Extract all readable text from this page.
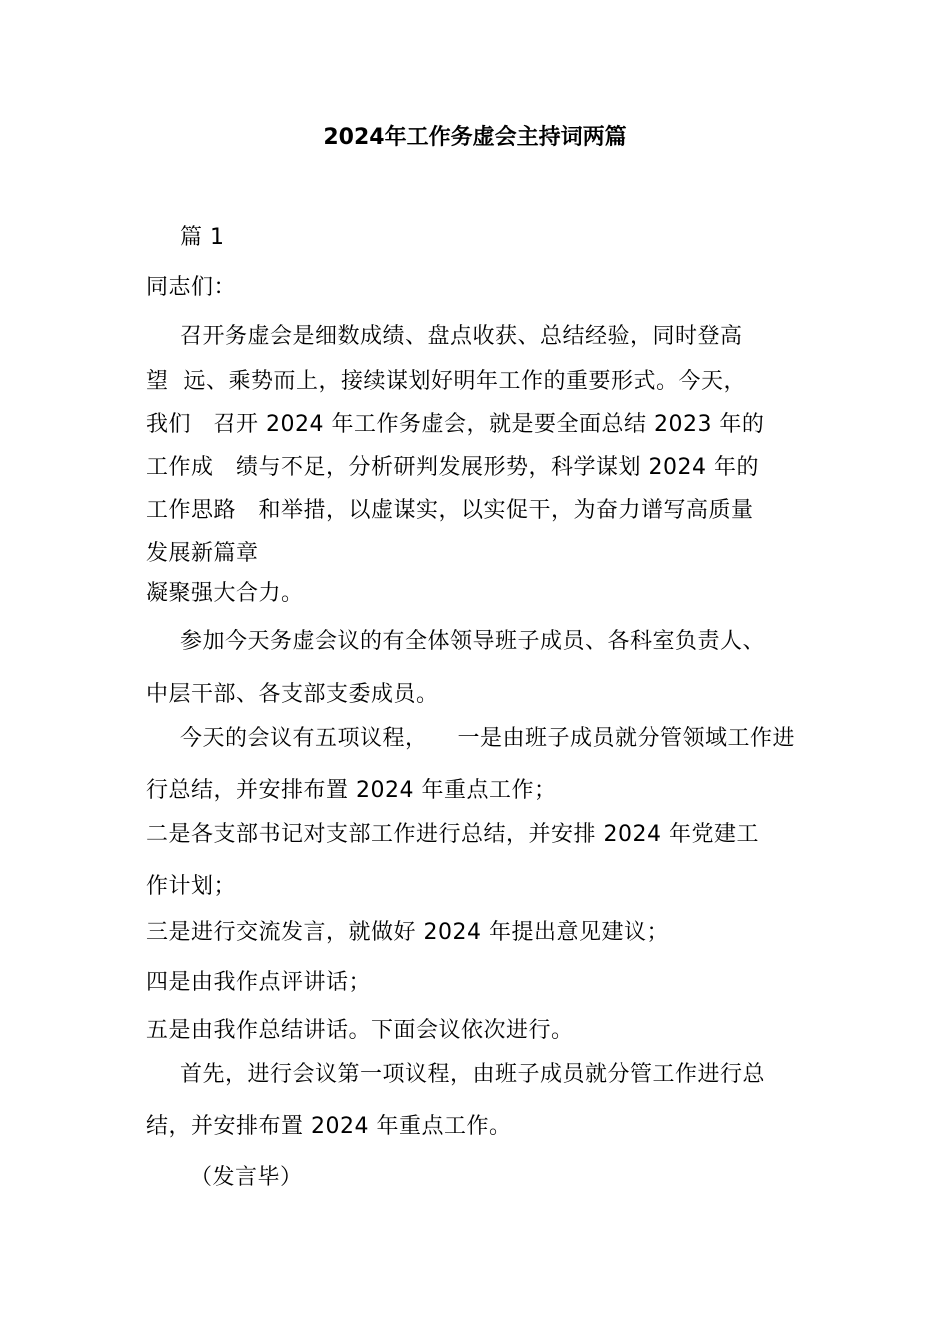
2024年工作务虚会主持词两篇
篇 1
同志们：
召开务虚会是细数成绩、盘点收获、总结经验，同时登高
望  远、乘势而上，接续谋划好明年工作的重要形式。今天，
我们   召开 2024 年工作务虚会，就是要全面总结 2023 年的
工作成   绩与不足，分析研判发展形势，科学谋划 2024 年的
工作思路   和举措，以虚谋实，以实促干，为奋力谱写高质量
发展新篇章
凝聚强大合力。
参加今天务虚会议的有全体领导班子成员、各科室负责人、
中层干部、各支部支委成员。
今天的会议有五项议程，    一是由班子成员就分管领域工作进
行总结，并安排布置 2024 年重点工作；
二是各支部书记对支部工作进行总结，并安排 2024 年党建工
作计划；
三是进行交流发言，就做好 2024 年提出意见建议；
四是由我作点评讲话；
五是由我作总结讲话。下面会议依次进行。
首先，进行会议第一项议程，由班子成员就分管工作进行总
结，并安排布置 2024 年重点工作。
（发言毕）
